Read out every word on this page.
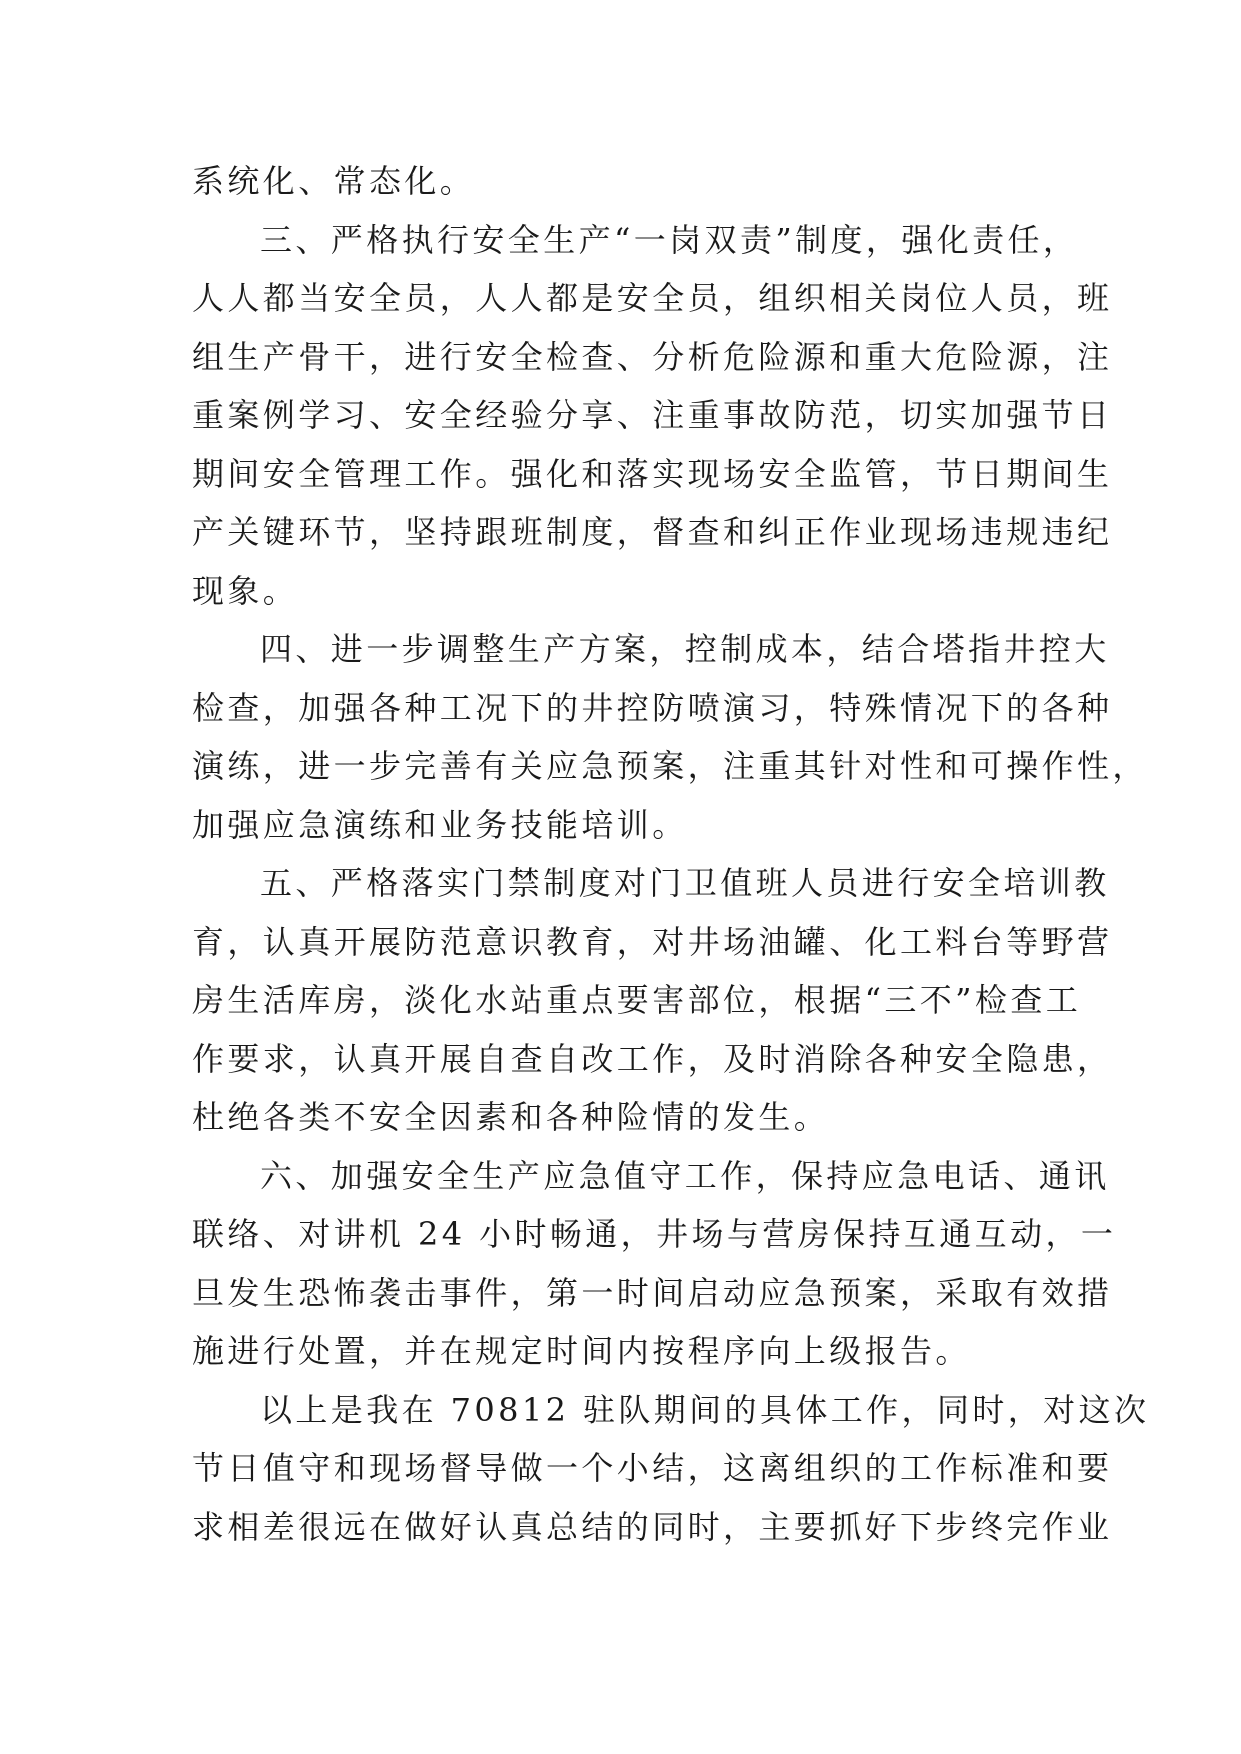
系统化、常态化。
三、严格执行安全生产“一岗双责”制度，强化责任，
人人都当安全员，人人都是安全员，组织相关岗位人员，班
组生产骨干，进行安全检查、分析危险源和重大危险源，注
重案例学习、安全经验分享、注重事故防范，切实加强节日
期间安全管理工作。强化和落实现场安全监管，节日期间生
产关键环节，坚持跟班制度，督查和纠正作业现场违规违纪
现象。
四、进一步调整生产方案，控制成本，结合塔指井控大
检查，加强各种工况下的井控防喷演习，特殊情况下的各种
演练，进一步完善有关应急预案，注重其针对性和可操作性，
加强应急演练和业务技能培训。
五、严格落实门禁制度对门卫值班人员进行安全培训教
育，认真开展防范意识教育，对井场油罐、化工料台等野营
房生活库房，淡化水站重点要害部位，根据“三不”检查工
作要求，认真开展自查自改工作，及时消除各种安全隐患，
杜绝各类不安全因素和各种险情的发生。
六、加强安全生产应急值守工作，保持应急电话、通讯
联络、对讲机 24 小时畅通，井场与营房保持互通互动，一
旦发生恐怖袭击事件，第一时间启动应急预案，采取有效措
施进行处置，并在规定时间内按程序向上级报告。
以上是我在 70812 驻队期间的具体工作，同时，对这次
节日值守和现场督导做一个小结，这离组织的工作标准和要
求相差很远在做好认真总结的同时，主要抓好下步终完作业
